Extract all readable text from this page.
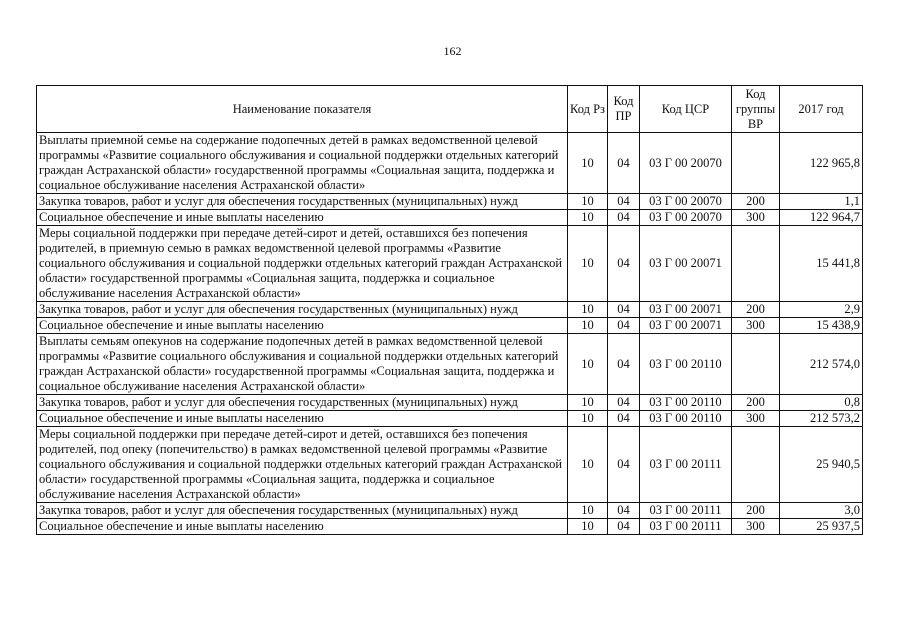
162
Наименование показателя	Код Рз	Код ПР	Код ЦСР	Код группы ВР	2017 год
Выплаты приемной семье на содержание подопечных детей в рамках ведомственной целевой программы «Развитие социального обслуживания и социальной поддержки отдельных категорий граждан Астраханской области» государственной программы «Социальная защита, поддержка и социальное обслуживание населения Астраханской области»	10	04	03 Г 00 20070		122 965,8
Закупка товаров, работ и услуг для обеспечения государственных (муниципальных) нужд	10	04	03 Г 00 20070	200	1,1
Социальное обеспечение и иные выплаты населению	10	04	03 Г 00 20070	300	122 964,7
Меры социальной поддержки при передаче детей-сирот и детей, оставшихся без попечения родителей, в приемную семью в рамках ведомственной целевой программы «Развитие социального обслуживания и социальной поддержки отдельных категорий граждан Астраханской области» государственной программы «Социальная защита, поддержка и социальное обслуживание населения Астраханской области»	10	04	03 Г 00 20071		15 441,8
Закупка товаров, работ и услуг для обеспечения государственных (муниципальных) нужд	10	04	03 Г 00 20071	200	2,9
Социальное обеспечение и иные выплаты населению	10	04	03 Г 00 20071	300	15 438,9
Выплаты семьям опекунов на содержание подопечных детей в рамках ведомственной целевой программы «Развитие социального обслуживания и социальной поддержки отдельных категорий граждан Астраханской области» государственной программы «Социальная защита, поддержка и социальное обслуживание населения Астраханской области»	10	04	03 Г 00 20110		212 574,0
Закупка товаров, работ и услуг для обеспечения государственных (муниципальных) нужд	10	04	03 Г 00 20110	200	0,8
Социальное обеспечение и иные выплаты населению	10	04	03 Г 00 20110	300	212 573,2
Меры социальной поддержки при передаче детей-сирот и детей, оставшихся без попечения родителей, под опеку (попечительство) в рамках ведомственной целевой программы «Развитие социального обслуживания и социальной поддержки отдельных категорий граждан Астраханской области» государственной программы «Социальная защита, поддержка и социальное обслуживание населения Астраханской области»	10	04	03 Г 00 20111		25 940,5
Закупка товаров, работ и услуг для обеспечения государственных (муниципальных) нужд	10	04	03 Г 00 20111	200	3,0
Социальное обеспечение и иные выплаты населению	10	04	03 Г 00 20111	300	25 937,5
